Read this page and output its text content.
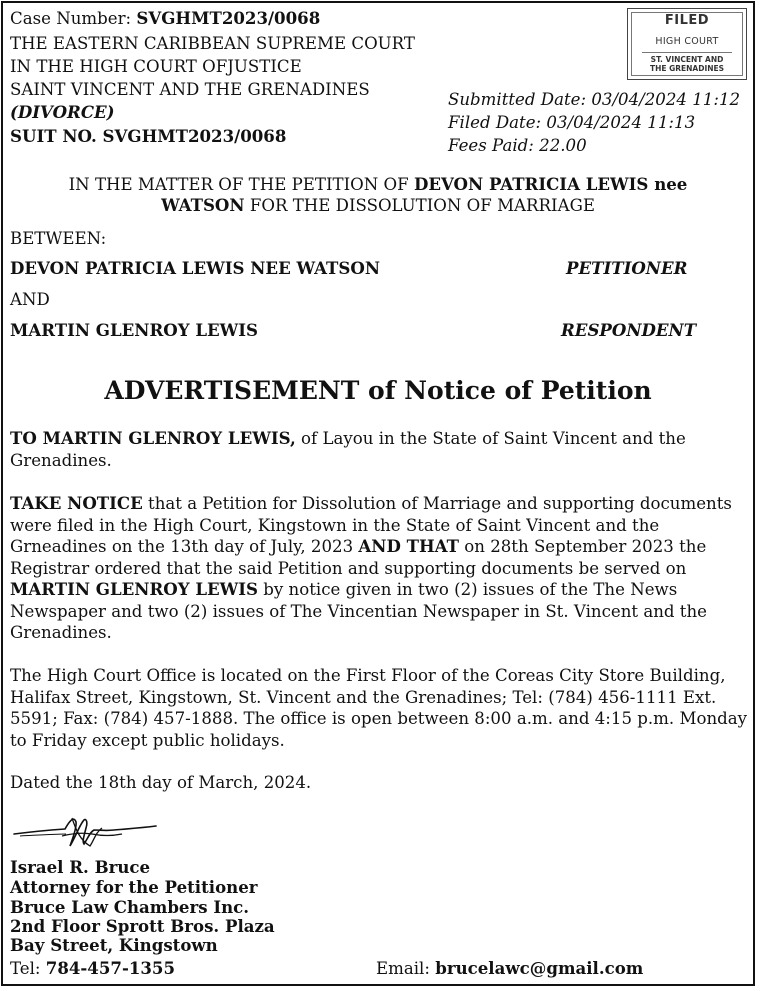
Case Number: SVGHMT2023/0068
THE EASTERN CARIBBEAN SUPREME COURT
IN THE HIGH COURT OFJUSTICE
SAINT VINCENT AND THE GRENADINES
(DIVORCE)
SUIT NO. SVGHMT2023/0068
FILED
HIGH COURT
ST. VINCENT AND
THE GRENADINES
Submitted Date: 03/04/2024 11:12
Filed Date: 03/04/2024 11:13
Fees Paid: 22.00
IN THE MATTER OF THE PETITION OF DEVON PATRICIA LEWIS nee
WATSON FOR THE DISSOLUTION OF MARRIAGE
BETWEEN:
DEVON PATRICIA LEWIS NEE WATSON	PETITIONER
AND
MARTIN GLENROY LEWIS	RESPONDENT
ADVERTISEMENT of Notice of Petition
TO MARTIN GLENROY LEWIS, of Layou in the State of Saint Vincent and the Grenadines.
TAKE NOTICE that a Petition for Dissolution of Marriage and supporting documents were filed in the High Court, Kingstown in the State of Saint Vincent and the Grneadines on the 13th day of July, 2023 AND THAT on 28th September 2023 the Registrar ordered that the said Petition and supporting documents be served on MARTIN GLENROY LEWIS by notice given in two (2) issues of the The News Newspaper and two (2) issues of The Vincentian Newspaper in St. Vincent and the Grenadines.
The High Court Office is located on the First Floor of the Coreas City Store Building, Halifax Street, Kingstown, St. Vincent and the Grenadines; Tel: (784) 456-1111 Ext. 5591; Fax: (784) 457-1888. The office is open between 8:00 a.m. and 4:15 p.m. Monday to Friday except public holidays.
Dated the 18th day of March, 2024.
Israel R. Bruce
Attorney for the Petitioner
Bruce Law Chambers Inc.
2nd Floor Sprott Bros. Plaza
Bay Street, Kingstown
Tel: 784-457-1355	Email: brucelawc@gmail.com
